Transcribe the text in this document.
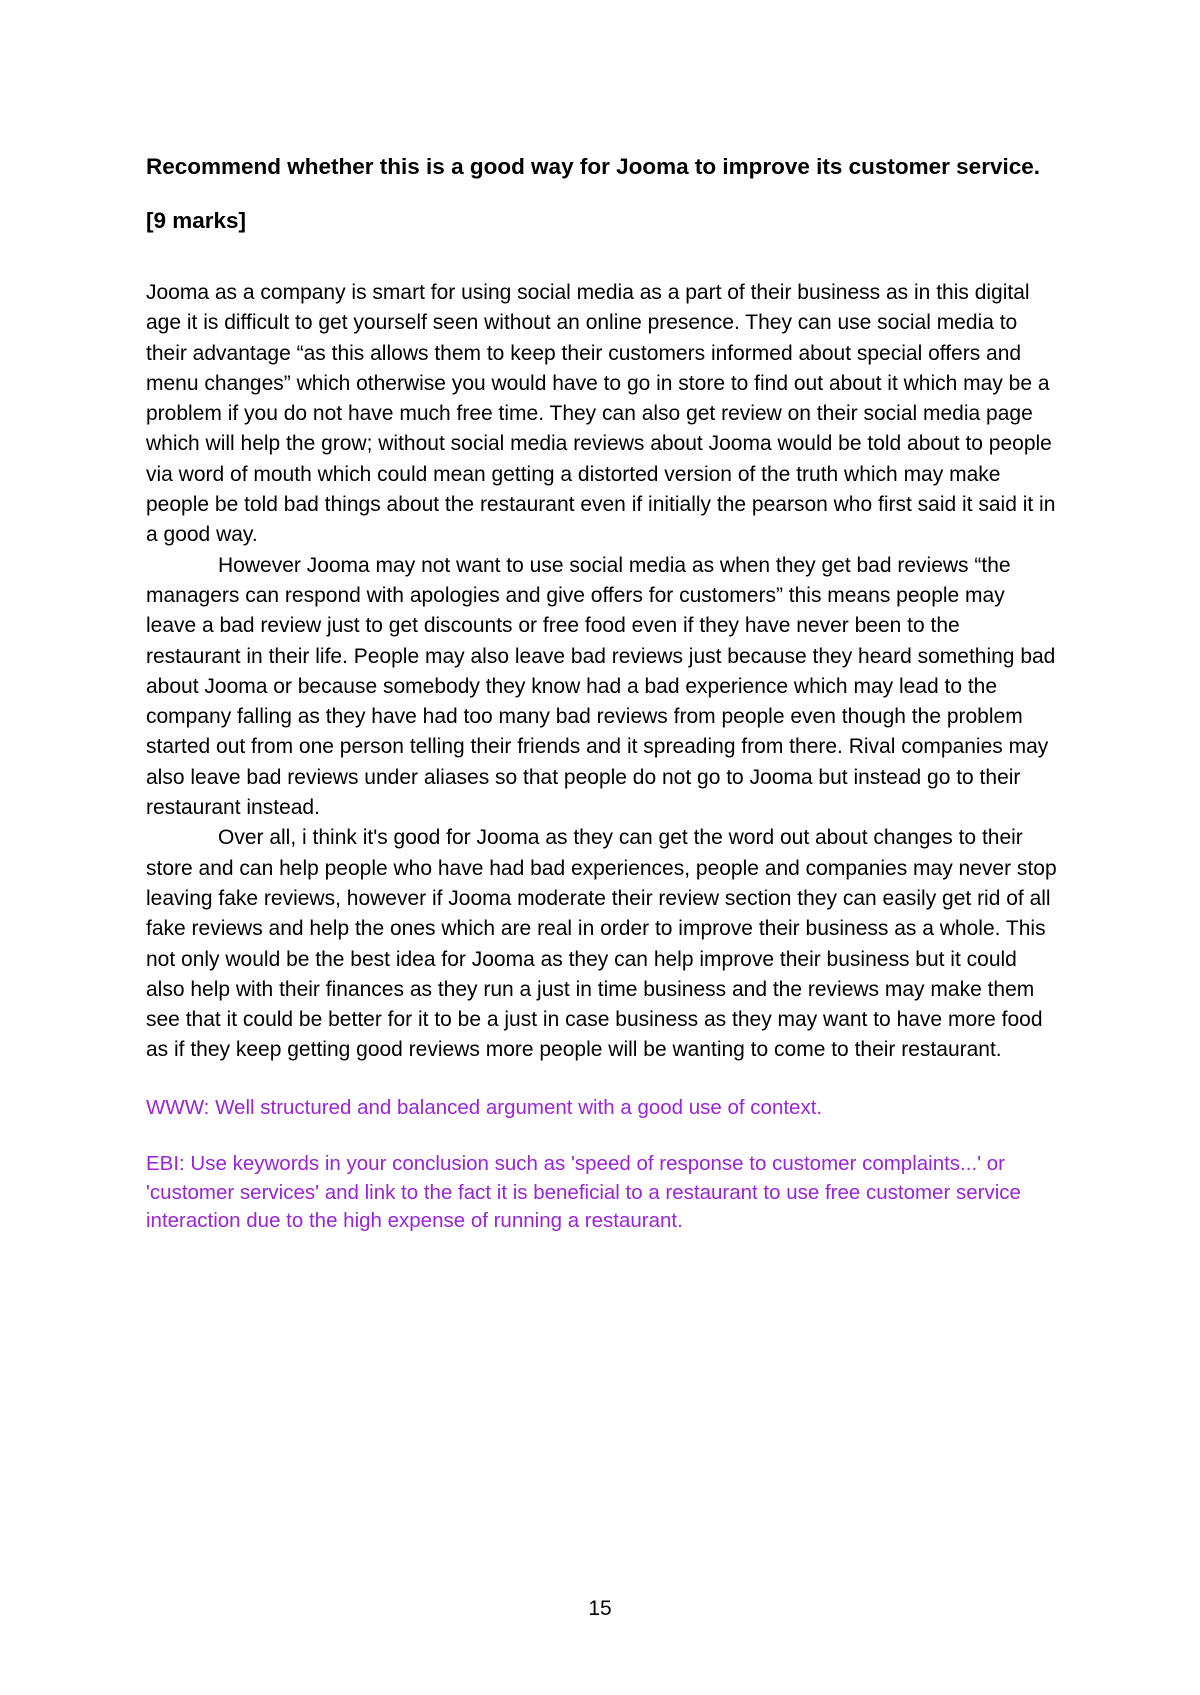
Recommend whether this is a good way for Jooma to improve its customer service.

[9 marks]

Jooma as a company is smart for using social media as a part of their business as in this digital age it is difficult to get yourself seen without an online presence. They can use social media to their advantage “as this allows them to keep their customers informed about special offers and menu changes” which otherwise you would have to go in store to find out about it which may be a problem if you do not have much free time. They can also get review on their social media page which will help the grow; without social media reviews about Jooma would be told about to people via word of mouth which could mean getting a distorted version of the truth which may make people be told bad things about the restaurant even if initially the pearson who first said it said it in a good way.

However Jooma may not want to use social media as when they get bad reviews “the managers can respond with apologies and give offers for customers” this means people may leave a bad review just to get discounts or free food even if they have never been to the restaurant in their life. People may also leave bad reviews just because they heard something bad about Jooma or because somebody they know had a bad experience which may lead to the company falling as they have had too many bad reviews from people even though the problem started out from one person telling their friends and it spreading from there. Rival companies may also leave bad reviews under aliases so that people do not go to Jooma but instead go to their restaurant instead.

Over all, i think it's good for Jooma as they can get the word out about changes to their store and can help people who have had bad experiences, people and companies may never stop leaving fake reviews, however if Jooma moderate their review section they can easily get rid of all fake reviews and help the ones which are real in order to improve their business as a whole. This not only would be the best idea for Jooma as they can help improve their business but it could also help with their finances as they run a just in time business and the reviews may make them see that it could be better for it to be a just in case business as they may want to have more food as if they keep getting good reviews more people will be wanting to come to their restaurant.

WWW: Well structured and balanced argument with a good use of context.

EBI: Use keywords in your conclusion such as 'speed of response to customer complaints...' or 'customer services' and link to the fact it is beneficial to a restaurant to use free customer service interaction due to the high expense of running a restaurant.

15
